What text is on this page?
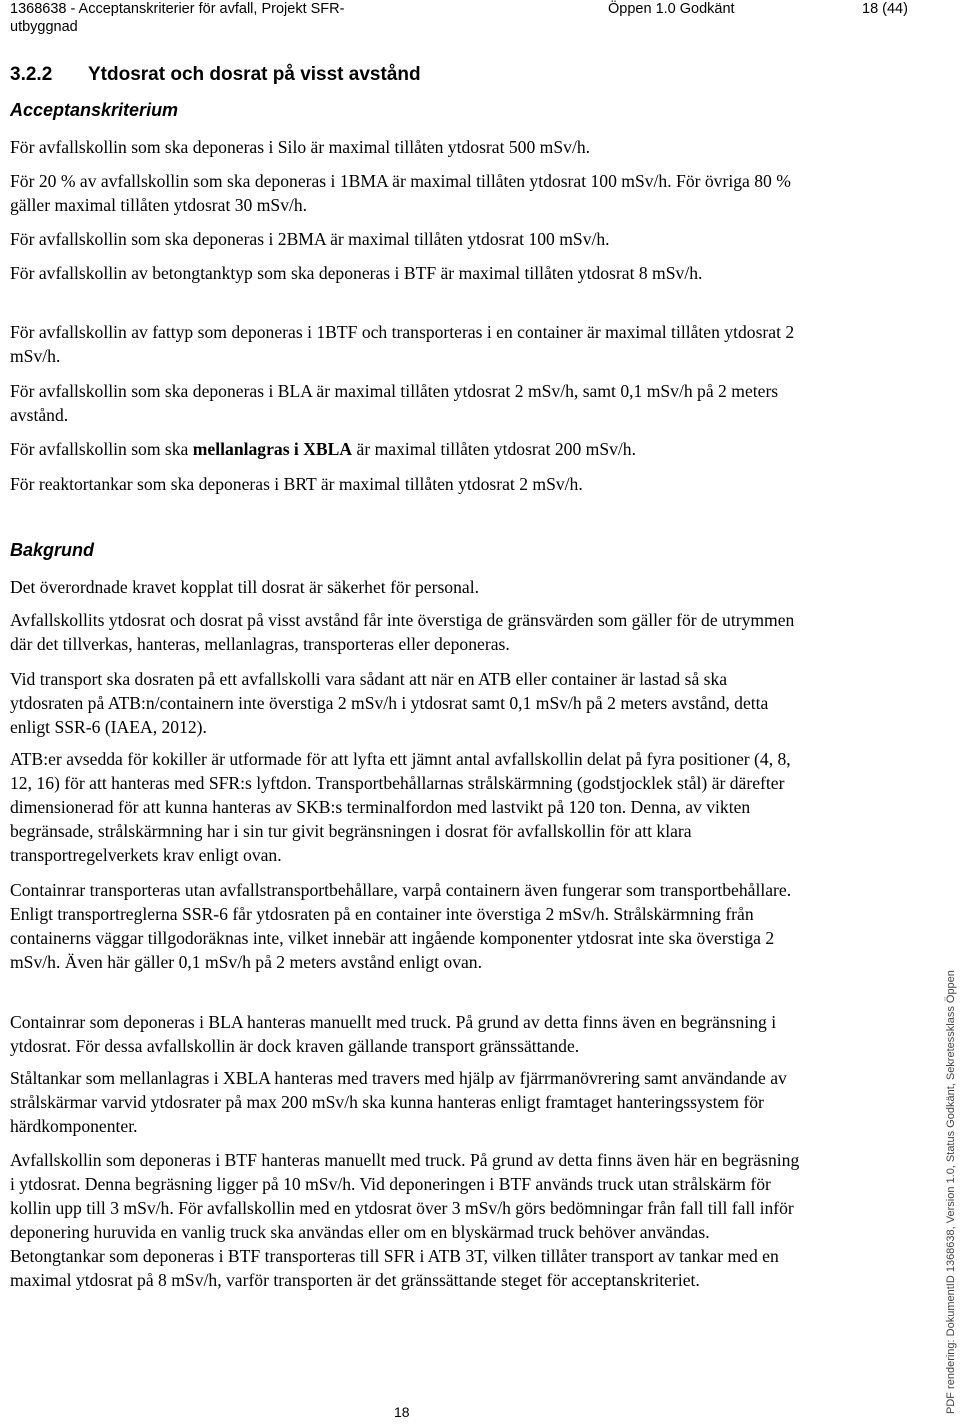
1368638 - Acceptanskriterier för avfall, Projekt SFR-utbyggnad
Öppen 1.0 Godkänt	18 (44)
3.2.2 Ytdosrat och dosrat på visst avstånd
Acceptanskriterium

För avfallskollin som ska deponeras i Silo är maximal tillåten ytdosrat 500 mSv/h.

För 20 % av avfallskollin som ska deponeras i 1BMA är maximal tillåten ytdosrat 100 mSv/h. För övriga 80 % gäller maximal tillåten ytdosrat 30 mSv/h.

För avfallskollin som ska deponeras i 2BMA är maximal tillåten ytdosrat 100 mSv/h.

För avfallskollin av betongtanktyp som ska deponeras i BTF är maximal tillåten ytdosrat 8 mSv/h.

För avfallskollin av fattyp som deponeras i 1BTF och transporteras i en container är maximal tillåten ytdosrat 2 mSv/h.

För avfallskollin som ska deponeras i BLA är maximal tillåten ytdosrat 2 mSv/h, samt 0,1 mSv/h på 2 meters avstånd.

För avfallskollin som ska mellanlagras i XBLA är maximal tillåten ytdosrat 200 mSv/h.

För reaktortankar som ska deponeras i BRT är maximal tillåten ytdosrat 2 mSv/h.

Bakgrund

Det överordnade kravet kopplat till dosrat är säkerhet för personal.

Avfallskollits ytdosrat och dosrat på visst avstånd får inte överstiga de gränsvärden som gäller för de utrymmen där det tillverkas, hanteras, mellanlagras, transporteras eller deponeras.

Vid transport ska dosraten på ett avfallskolli vara sådant att när en ATB eller container är lastad så ska ytdosraten på ATB:n/containern inte överstiga 2 mSv/h i ytdosrat samt 0,1 mSv/h på 2 meters avstånd, detta enligt SSR-6 (IAEA, 2012).

ATB:er avsedda för kokiller är utformade för att lyfta ett jämnt antal avfallskollin delat på fyra positioner (4, 8, 12, 16) för att hanteras med SFR:s lyftdon. Transportbehållarnas strålskärmning (godstjocklek stål) är därefter dimensionerad för att kunna hanteras av SKB:s terminalfordon med lastvikt på 120 ton. Denna, av vikten begränsade, strålskärmning har i sin tur givit begränsningen i dosrat för avfallskollin för att klara transportregelverkets krav enligt ovan.

Containrar transporteras utan avfallstransportbehållare, varpå containern även fungerar som transportbehållare. Enligt transportreglerna SSR-6 får ytdosraten på en container inte överstiga 2 mSv/h. Strålskärmning från containerns väggar tillgodoräknas inte, vilket innebär att ingående komponenter ytdosrat inte ska överstiga 2 mSv/h. Även här gäller 0,1 mSv/h på 2 meters avstånd enligt ovan.

Containrar som deponeras i BLA hanteras manuellt med truck. På grund av detta finns även en begränsning i ytdosrat. För dessa avfallskollin är dock kraven gällande transport gränssättande.

Ståltankar som mellanlagras i XBLA hanteras med travers med hjälp av fjärrmanövrering samt användande av strålskärmar varvid ytdosrater på max 200 mSv/h ska kunna hanteras enligt framtaget hanteringssystem för härdkomponenter.

Avfallskollin som deponeras i BTF hanteras manuellt med truck. På grund av detta finns även här en begräsning i ytdosrat. Denna begräsning ligger på 10 mSv/h. Vid deponeringen i BTF används truck utan strålskärm för kollin upp till 3 mSv/h. För avfallskollin med en ytdosrat över 3 mSv/h görs bedömningar från fall till fall inför deponering huruvida en vanlig truck ska användas eller om en blyskärmad truck behöver användas. Betongtankar som deponeras i BTF transporteras till SFR i ATB 3T, vilken tillåter transport av tankar med en maximal ytdosrat på 8 mSv/h, varför transporten är det gränssättande steget för acceptanskriteriet.

18	PDF rendering: DokumentID 1368638, Version 1.0, Status Godkänt, Sekretessklass Öppen
